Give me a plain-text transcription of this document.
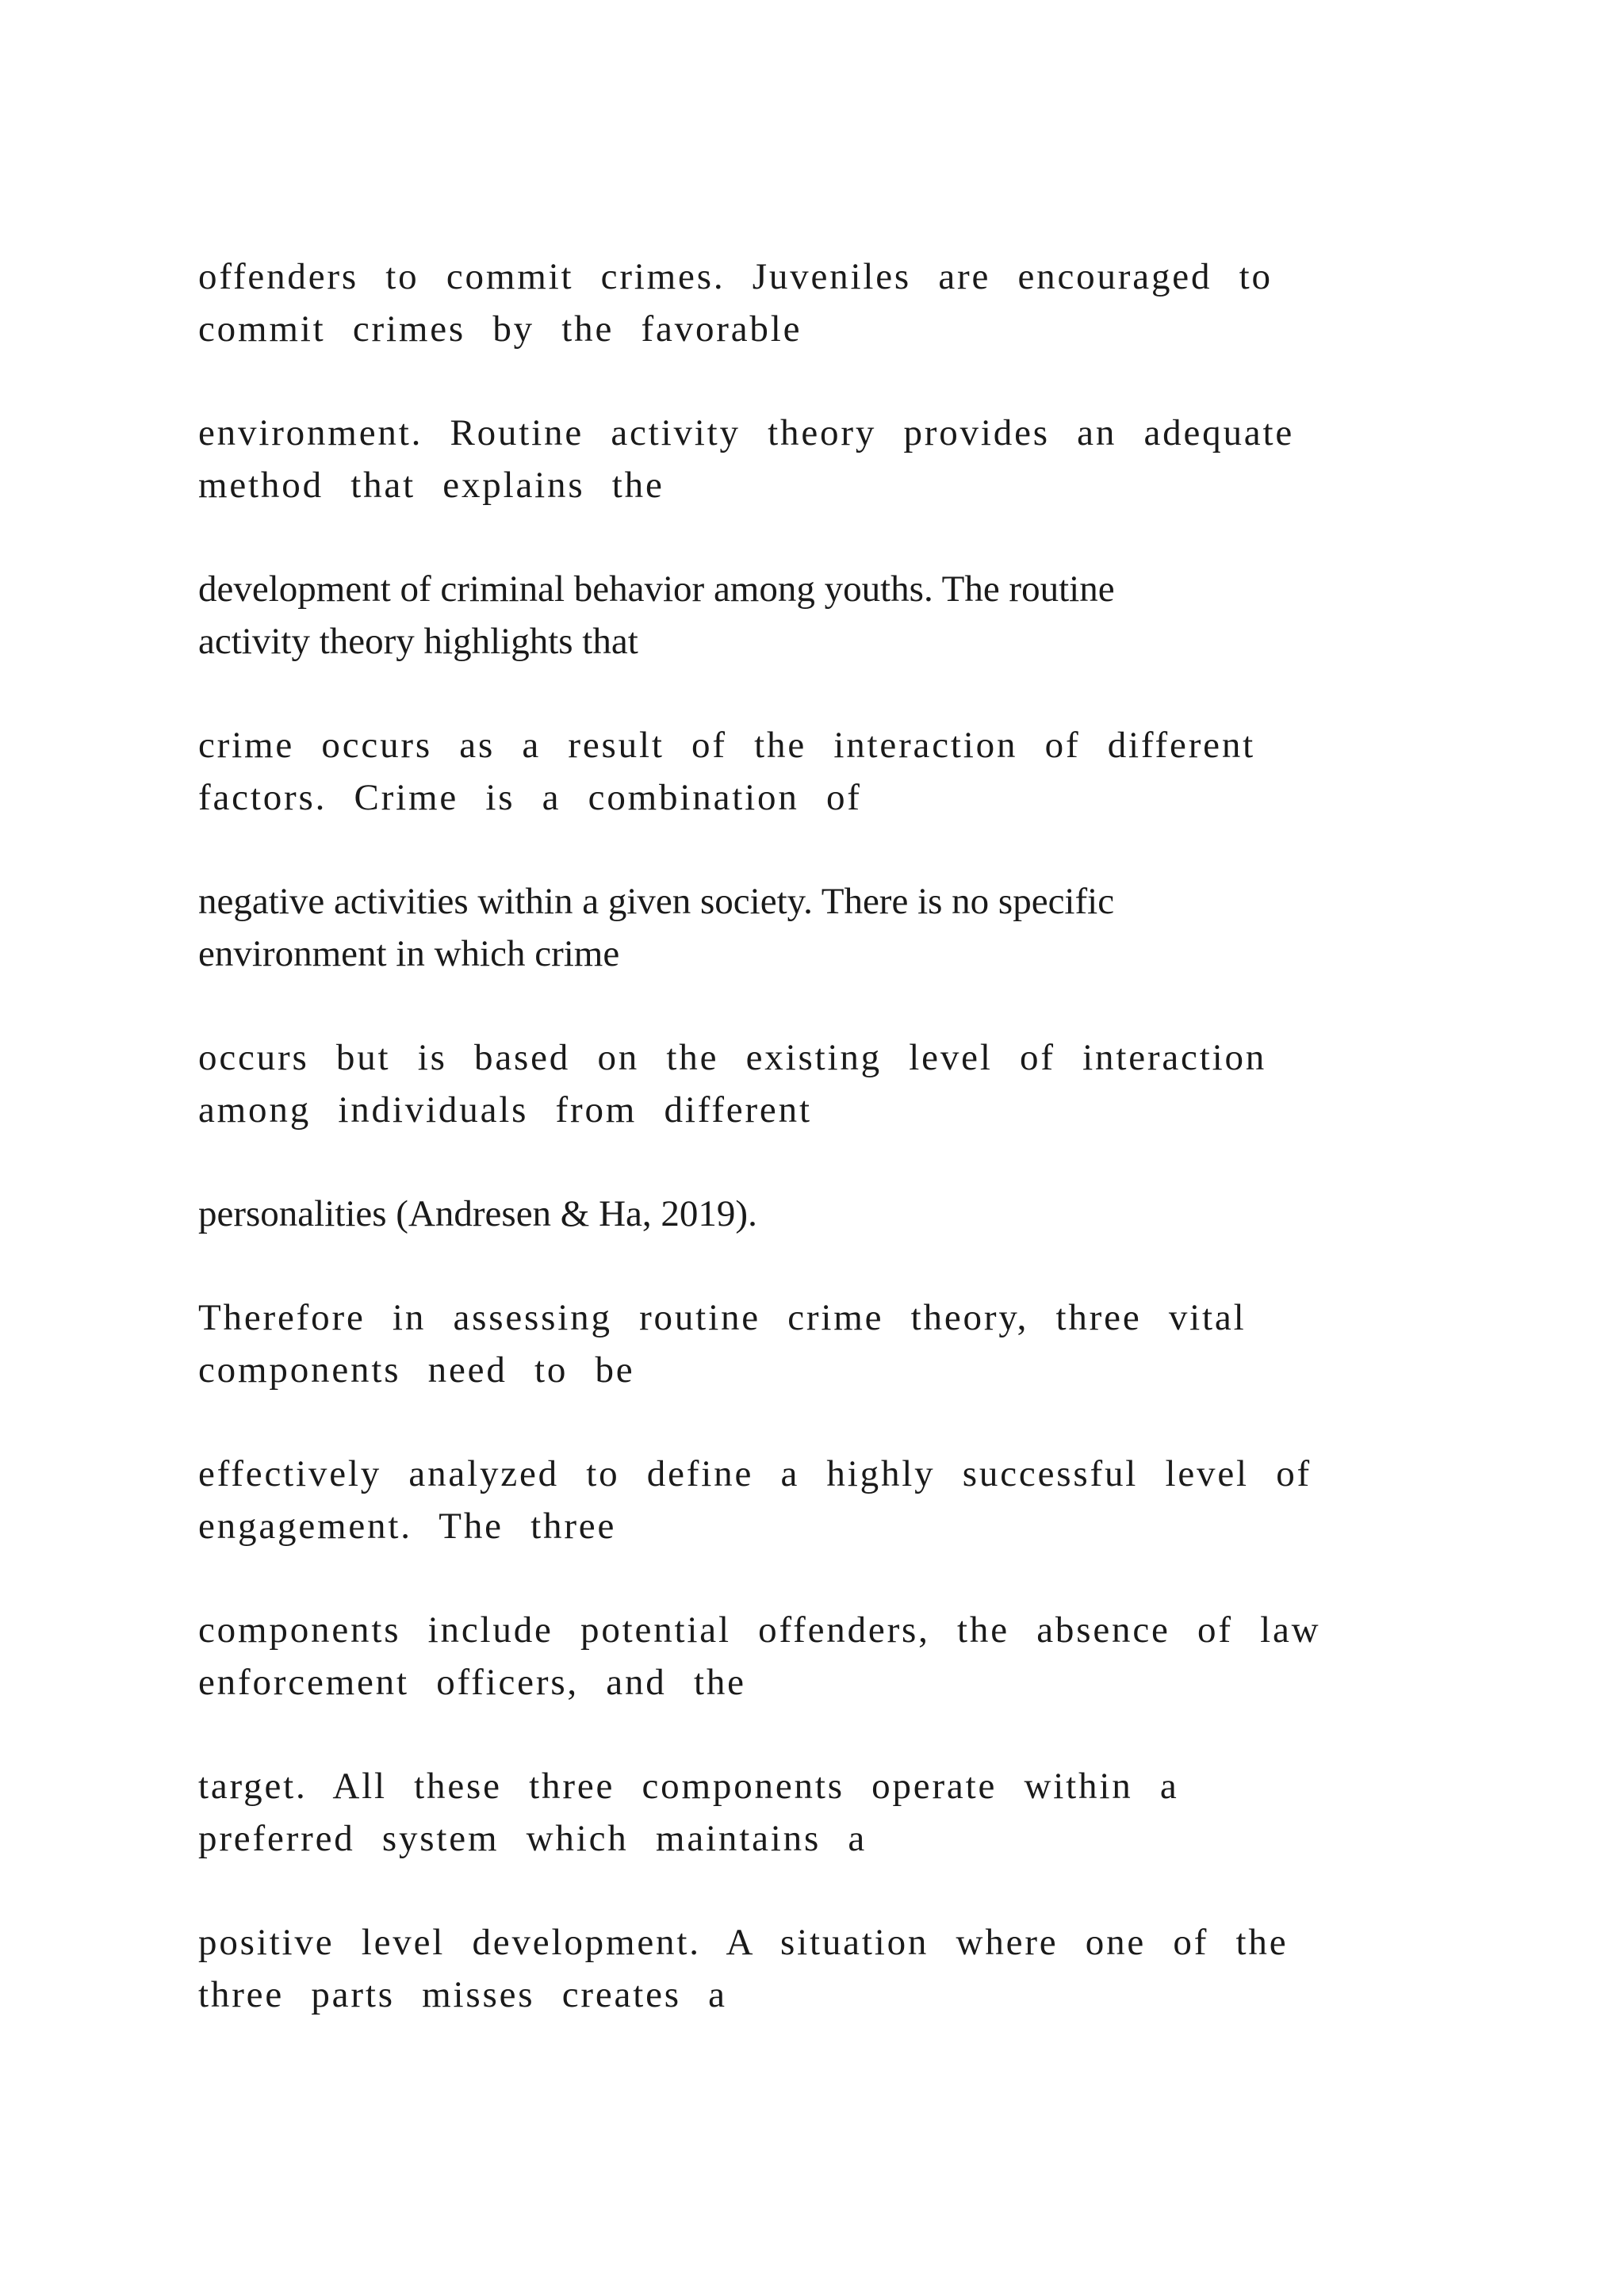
offenders to commit crimes. Juveniles are encouraged to
commit crimes by the favorable

environment. Routine activity theory provides an adequate
method that explains the

development of criminal behavior among youths. The routine
activity theory highlights that

crime occurs as a result of the interaction of different
factors. Crime is a combination of

negative activities within a given society. There is no specific
environment in which crime

occurs but is based on the existing level of interaction
among individuals from different

personalities (Andresen & Ha, 2019).

Therefore in assessing routine crime theory, three vital
components need to be

effectively analyzed to define a highly successful level of
engagement. The three

components include potential offenders, the absence of law
enforcement officers, and the

target. All these three components operate within a
preferred system which maintains a

positive level development. A situation where one of the
three parts misses creates a
